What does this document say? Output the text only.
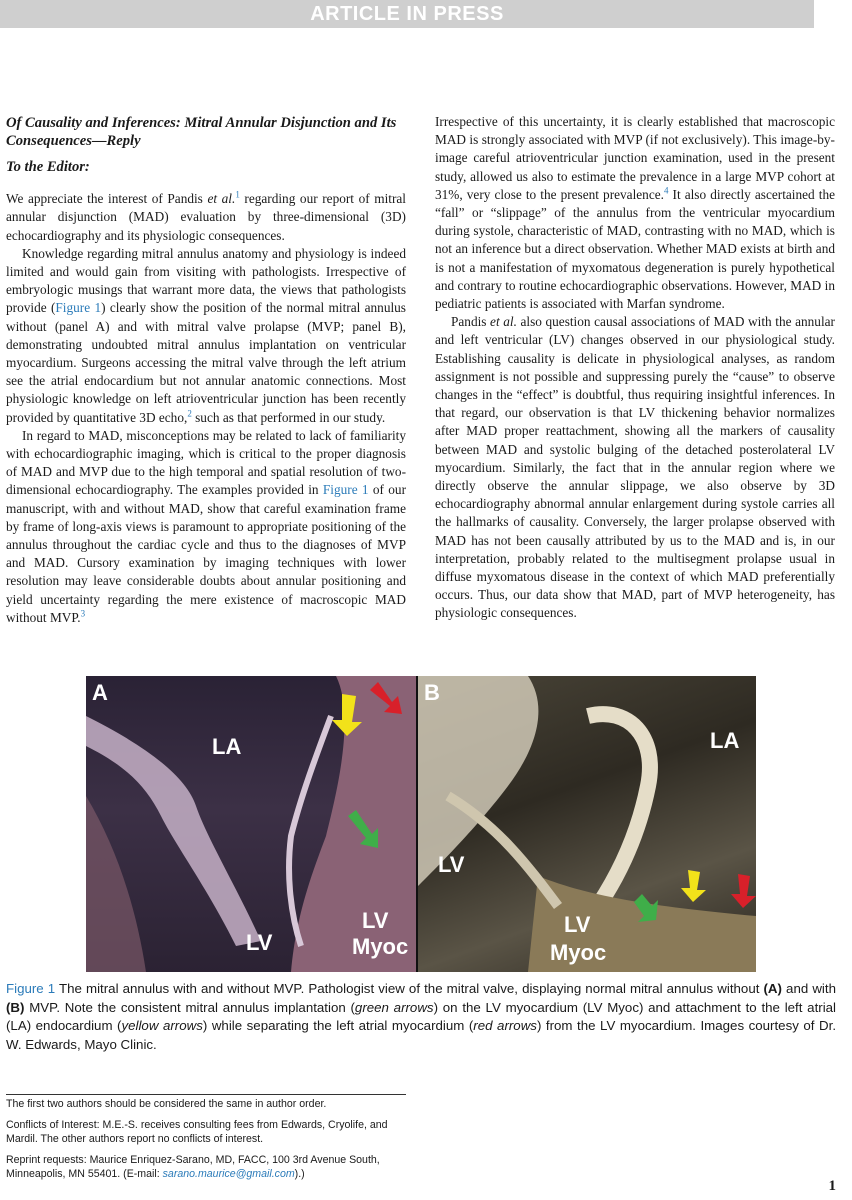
ARTICLE IN PRESS
Of Causality and Inferences: Mitral Annular Disjunction and Its Consequences—Reply
To the Editor:

We appreciate the interest of Pandis et al.$^1$ regarding our report of mitral annular disjunction (MAD) evaluation by three-dimensional (3D) echocardiography and its physiologic consequences.

Knowledge regarding mitral annulus anatomy and physiology is indeed limited and would gain from visiting with pathologists. Irrespective of embryologic musings that warrant more data, the views that pathologists provide (Figure 1) clearly show the position of the normal mitral annulus without (panel A) and with mitral valve prolapse (MVP; panel B), demonstrating undoubted mitral annulus implantation on ventricular myocardium. Surgeons accessing the mitral valve through the left atrium see the atrial endocardium but not annular anatomic connections. Most physiologic knowledge on left atrioventricular junction has been recently provided by quantitative 3D echo,$^2$ such as that performed in our study.

In regard to MAD, misconceptions may be related to lack of familiarity with echocardiographic imaging, which is critical to the proper diagnosis of MAD and MVP due to the high temporal and spatial resolution of two-dimensional echocardiography. The examples provided in Figure 1 of our manuscript, with and without MAD, show that careful examination frame by frame of long-axis views is paramount to appropriate positioning of the annulus throughout the cardiac cycle and thus to the diagnoses of MVP and MAD. Cursory examination by imaging techniques with lower resolution may leave considerable doubts about annular positioning and yield uncertainty regarding the mere existence of macroscopic MAD without MVP.$^3$

Irrespective of this uncertainty, it is clearly established that macroscopic MAD is strongly associated with MVP (if not exclusively). This image-by-image careful atrioventricular junction examination, used in the present study, allowed us also to estimate the prevalence in a large MVP cohort at 31%, very close to the present prevalence.$^4$ It also directly ascertained the “fall” or “slippage” of the annulus from the ventricular myocardium during systole, characteristic of MAD, contrasting with no MAD, which is not an inference but a direct observation. Whether MAD exists at birth and is not a manifestation of myxomatous degeneration is purely hypothetical and contrary to routine echocardiographic observations. However, MAD in pediatric patients is associated with Marfan syndrome.

Pandis et al. also question causal associations of MAD with the annular and left ventricular (LV) changes observed in our physiological study. Establishing causality is delicate in physiological analyses, as random assignment is not possible and suppressing purely the “cause” to observe changes in the “effect” is doubtful, thus requiring insightful inferences. In that regard, our observation is that LV thickening behavior normalizes after MAD proper reattachment, showing all the markers of causality between MAD and systolic bulging of the detached posterolateral LV myocardium. Similarly, the fact that in the annular region where we directly observe the annular slippage, we also observe by 3D echocardiography abnormal annular enlargement during systole carries all the hallmarks of causality. Conversely, the larger prolapse observed with MAD has not been causally attributed by us to the MAD and is, in our interpretation, probably related to the multisegment prolapse usual in diffuse myxomatous disease in the context of which MAD preferentially occurs. Thus, our data show that MAD, part of MVP heterogeneity, has physiologic consequences.

A
LA
LV
LV
Myoc
B
LA
LV
LV
Myoc
Figure 1 The mitral annulus with and without MVP. Pathologist view of the mitral valve, displaying normal mitral annulus without (A) and with (B) MVP. Note the consistent mitral annulus implantation (green arrows) on the LV myocardium (LV Myoc) and attachment to the left atrial (LA) endocardium (yellow arrows) while separating the left atrial myocardium (red arrows) from the LV myocardium. Images courtesy of Dr. W. Edwards, Mayo Clinic.

The first two authors should be considered the same in author order.

Conflicts of Interest: M.E.-S. receives consulting fees from Edwards, Cryolife, and Mardil. The other authors report no conflicts of interest.

Reprint requests: Maurice Enriquez-Sarano, MD, FACC, 100 3rd Avenue South, Minneapolis, MN 55401. (E-mail: sarano.maurice@gmail.com).)

1
